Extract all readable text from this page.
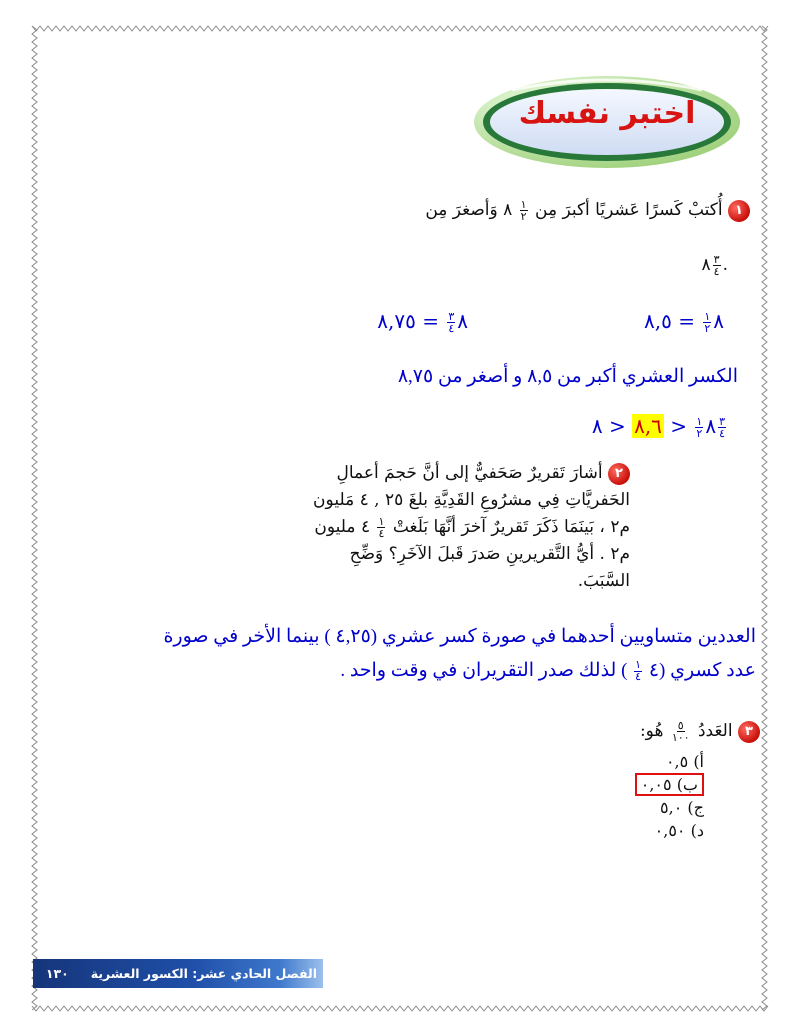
اختبر نفسك
١ أُكتبْ كَسرًا عَشريًا أكبرَ مِن
$\frac{١}{٢}$
٨ وَأصغرَ مِن
٨ $\frac{٣}{٤}$ .
٨
$\frac{١}{٢}$
= ٨,٥
٨
$\frac{٣}{٤}$
= ٨,٧٥
الكسر العشري أكبر من ٨,٥ و أصغر من ٨,٧٥
٨
$\frac{١}{٢}$
< ٨,٦ < ٨	$\frac{٣}{٤}$
٢ أشارَ تَقريرٌ صَحَفيٌّ إلى أنَّ حَجمَ أعمالِ
الحَفريَّاتِ فِي مشرُوعِ القَدِيَّةِ بلغَ ٢٥ , ٤ مَليون
م٢ ، بَينَمَا ذَكَرَ تَقريرٌ آخرَ أنَّهَا بَلَغتْ
$\frac{١}{٤}$
٤ مليون
م٢ . أيُّ التَّقريرينِ صَدرَ قَبلَ الآخَرِ؟ وَضِّحِ
السَّبَبَ.
العددين متساويين أحدهما في صورة كسر عشري (٤,٢٥ ) بينما الأخر في صورة
عدد كسري (٤
$\frac{١}{٤}$
) لذلك صدر التقريران في وقت واحد .
٣ العَددُ
$\frac{٥}{١٠٠}$
هُو:
أ) ٠,٥
ب) ٠,٠٥
ج) ٥,٠
د) ٠,٥٠
الفصل الحادي عشر: الكسور العشرية
١٣٠
